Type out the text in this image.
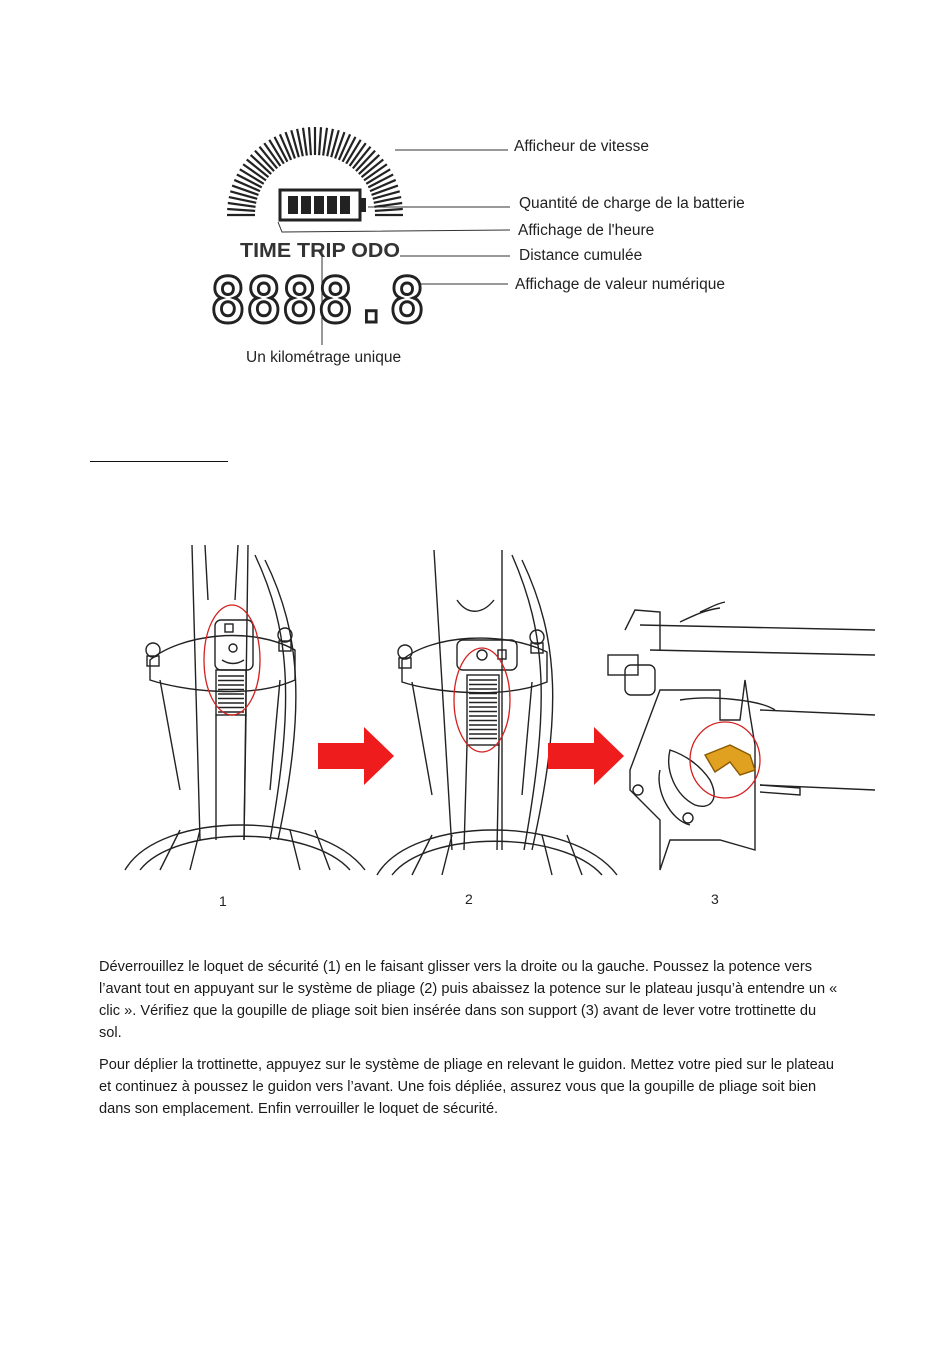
TIME TRIP ODO
8888.8
Afficheur de vitesse
Quantité de charge de la batterie
Affichage de l'heure
Distance cumulée
Affichage de valeur numérique
Un kilométrage unique
1	2	3

Déverrouillez le loquet de sécurité (1) en le faisant glisser vers la droite ou la gauche. Poussez la potence vers l’avant tout en appuyant sur le système de pliage (2) puis abaissez la potence sur le plateau jusqu’à entendre un « clic ». Vérifiez que la goupille de pliage soit bien insérée dans son support (3) avant de lever votre trottinette du sol.

Pour déplier la trottinette, appuyez sur le système de pliage en relevant le guidon. Mettez votre pied sur le plateau et continuez à poussez le guidon vers l’avant. Une fois dépliée, assurez vous que la goupille de pliage soit bien dans son emplacement. Enfin verrouiller le loquet de sécurité.
